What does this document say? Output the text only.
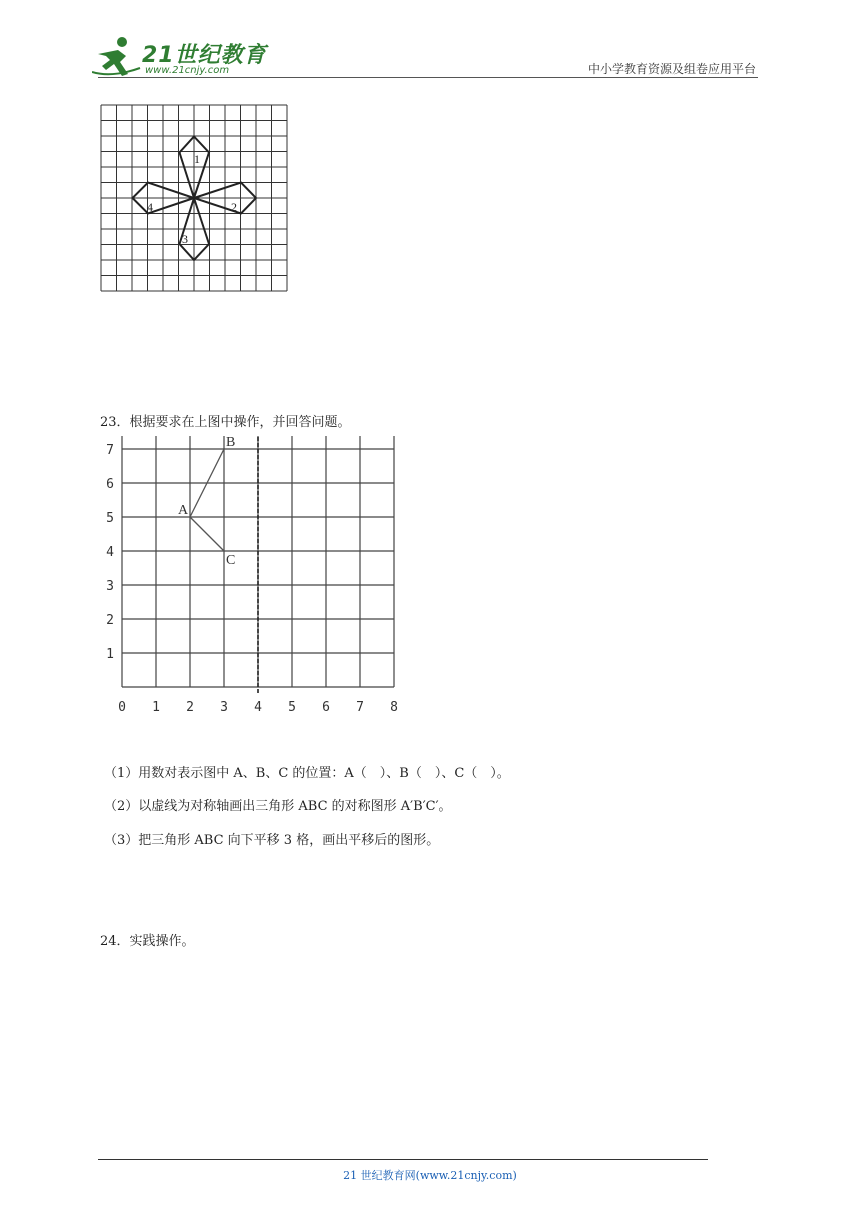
21世纪教育
www.21cnjy.com	中小学教育资源及组卷应用平台
1
2
3
4
23．根据要求在上图中操作，并回答问题。
0 1 2 3 4 5 6 7 8
1
2
3
4
5
6
7
A
B
C
（1）用数对表示图中 A、B、C 的位置：A（　）、B（　）、C（　）。
（2）以虚线为对称轴画出三角形 ABC 的对称图形 A′B′C′。
（3）把三角形 ABC 向下平移 3 格，画出平移后的图形。
24．实践操作。
21 世纪教育网(www.21cnjy.com)
